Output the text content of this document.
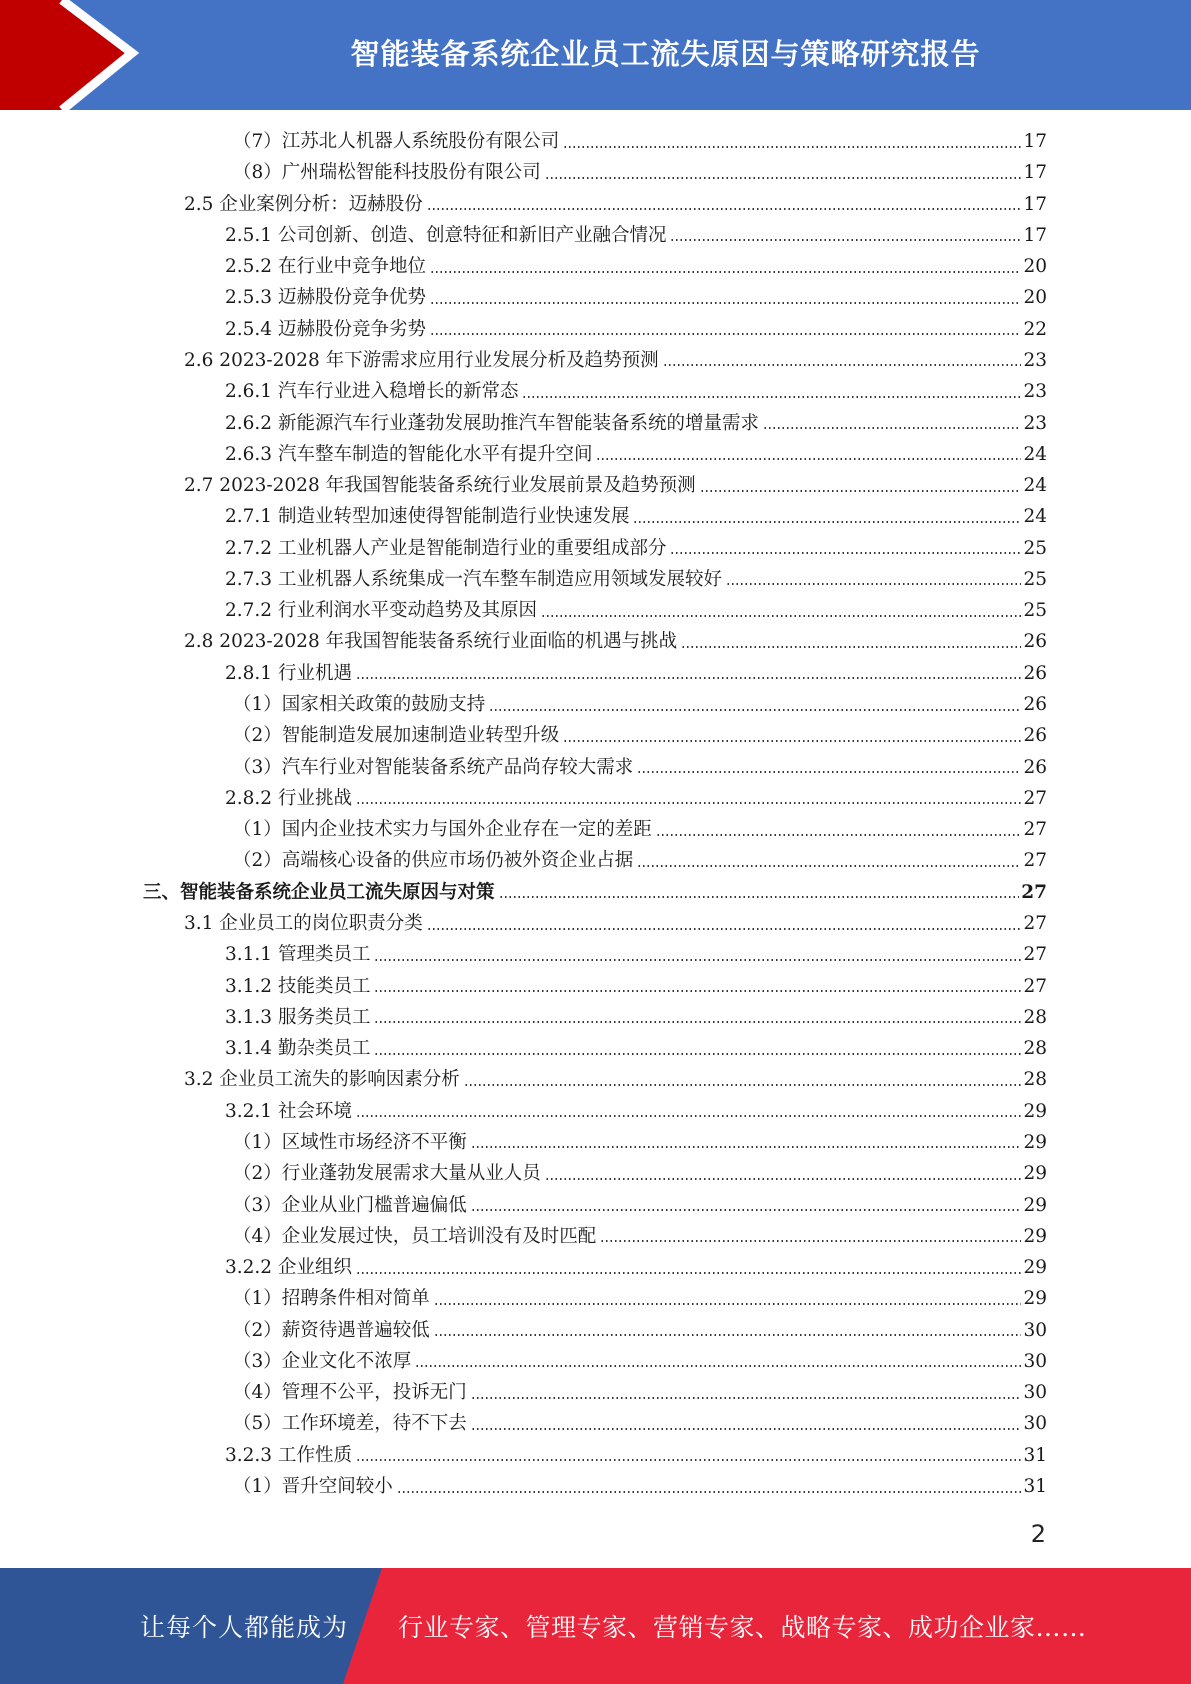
智能装备系统企业员工流失原因与策略研究报告
（7）江苏北人机器人系统股份有限公司	17
（8）广州瑞松智能科技股份有限公司	17
2.5 企业案例分析：迈赫股份	17
2.5.1 公司创新、创造、创意特征和新旧产业融合情况	17
2.5.2 在行业中竞争地位	20
2.5.3 迈赫股份竞争优势	20
2.5.4 迈赫股份竞争劣势	22
2.6 2023-2028 年下游需求应用行业发展分析及趋势预测	23
2.6.1 汽车行业进入稳增长的新常态	23
2.6.2 新能源汽车行业蓬勃发展助推汽车智能装备系统的增量需求	23
2.6.3 汽车整车制造的智能化水平有提升空间	24
2.7 2023-2028 年我国智能装备系统行业发展前景及趋势预测	24
2.7.1 制造业转型加速使得智能制造行业快速发展	24
2.7.2 工业机器人产业是智能制造行业的重要组成部分	25
2.7.3 工业机器人系统集成一汽车整车制造应用领域发展较好	25
2.7.2 行业利润水平变动趋势及其原因	25
2.8 2023-2028 年我国智能装备系统行业面临的机遇与挑战	26
2.8.1 行业机遇	26
（1）国家相关政策的鼓励支持	26
（2）智能制造发展加速制造业转型升级	26
（3）汽车行业对智能装备系统产品尚存较大需求	26
2.8.2 行业挑战	27
（1）国内企业技术实力与国外企业存在一定的差距	27
（2）高端核心设备的供应市场仍被外资企业占据	27
三、智能装备系统企业员工流失原因与对策	27
3.1 企业员工的岗位职责分类	27
3.1.1 管理类员工	27
3.1.2 技能类员工	27
3.1.3 服务类员工	28
3.1.4 勤杂类员工	28
3.2 企业员工流失的影响因素分析	28
3.2.1 社会环境	29
（1）区域性市场经济不平衡	29
（2）行业蓬勃发展需求大量从业人员	29
（3）企业从业门槛普遍偏低	29
（4）企业发展过快，员工培训没有及时匹配	29
3.2.2 企业组织	29
（1）招聘条件相对简单	29
（2）薪资待遇普遍较低	30
（3）企业文化不浓厚	30
（4）管理不公平，投诉无门	30
（5）工作环境差，待不下去	30
3.2.3 工作性质	31
（1）晋升空间较小	31
2
让每个人都能成为 行业专家、管理专家、营销专家、战略专家、成功企业家……
